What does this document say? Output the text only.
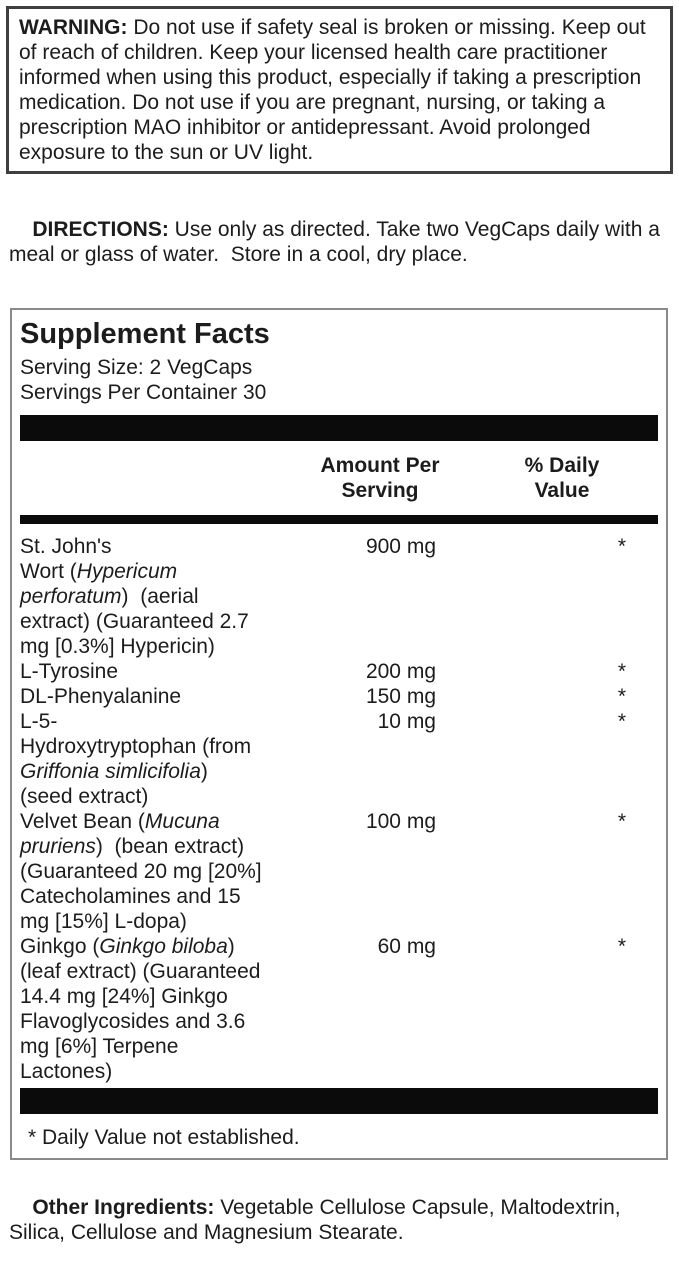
WARNING: Do not use if safety seal is broken or missing. Keep out of reach of children. Keep your licensed health care practitioner informed when using this product, especially if taking a prescription medication. Do not use if you are pregnant, nursing, or taking a prescription MAO inhibitor or antidepressant. Avoid prolonged exposure to the sun or UV light.

DIRECTIONS: Use only as directed. Take two VegCaps daily with a meal or glass of water.  Store in a cool, dry place.

Supplement Facts
Serving Size: 2 VegCaps
Servings Per Container 30
Amount Per
Serving
% Daily
Value
St. John's
Wort (Hypericum
perforatum)  (aerial
extract) (Guaranteed 2.7
mg [0.3%] Hypericin)
900 mg	*
L-Tyrosine	200 mg	*
DL-Phenyalanine	150 mg	*
L-5-
Hydroxytryptophan (from
Griffonia simlicifolia)
(seed extract)
10 mg	*
Velvet Bean (Mucuna
pruriens)  (bean extract)
(Guaranteed 20 mg [20%]
Catecholamines and 15
mg [15%] L-dopa)
100 mg	*
Ginkgo (Ginkgo biloba)
(leaf extract) (Guaranteed
14.4 mg [24%] Ginkgo
Flavoglycosides and 3.6
mg [6%] Terpene
Lactones)
60 mg	*
* Daily Value not established.

Other Ingredients: Vegetable Cellulose Capsule, Maltodextrin, Silica, Cellulose and Magnesium Stearate.
